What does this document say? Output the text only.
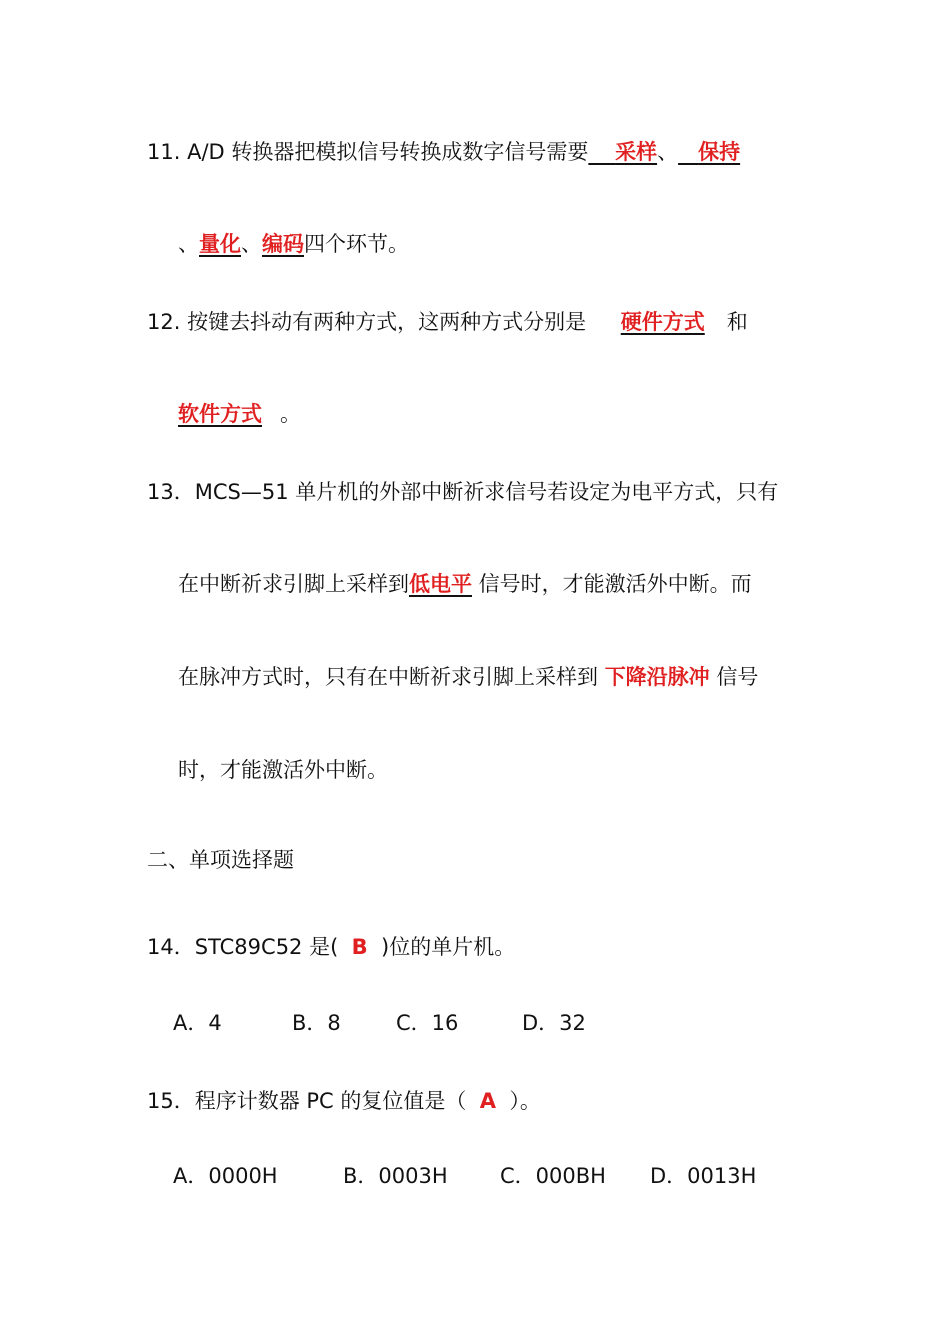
11. A/D 转换器把模拟信号转换成数字信号需要 采样、 保持
、量化、编码四个环节。
12. 按键去抖动有两种方式，这两种方式分别是 硬件方式 和
软件方式 。
13．MCS—51 单片机的外部中断祈求信号若设定为电平方式，只有
在中断祈求引脚上采样到低电平 信号时，才能激活外中断。而
在脉冲方式时，只有在中断祈求引脚上采样到 下降沿脉冲 信号
时，才能激活外中断。
二、单项选择题
14．STC89C52 是(  B  )位的单片机。
A．4	B．8	C．16	D．32
15．程序计数器 PC 的复位值是（  A  ）。
A．0000H	B．0003H C．000BH D．0013H
